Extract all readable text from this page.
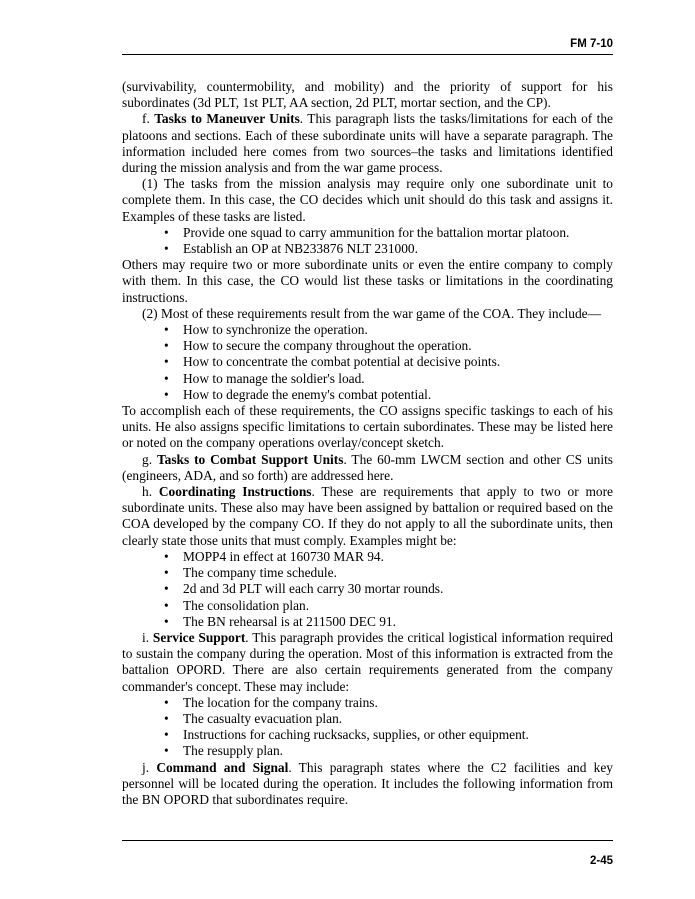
FM 7-10

(survivability, countermobility, and mobility) and the priority of support for his subordinates (3d PLT, 1st PLT, AA section, 2d PLT, mortar section, and the CP).

f. Tasks to Maneuver Units. This paragraph lists the tasks/limitations for each of the platoons and sections. Each of these subordinate units will have a separate paragraph. The information included here comes from two sources–the tasks and limitations identified during the mission analysis and from the war game process.

(1) The tasks from the mission analysis may require only one subordinate unit to complete them. In this case, the CO decides which unit should do this task and assigns it. Examples of these tasks are listed.

• Provide one squad to carry ammunition for the battalion mortar platoon.
• Establish an OP at NB233876 NLT 231000.

Others may require two or more subordinate units or even the entire company to comply with them. In this case, the CO would list these tasks or limitations in the coordinating instructions.

(2) Most of these requirements result from the war game of the COA. They include—

• How to synchronize the operation.
• How to secure the company throughout the operation.
• How to concentrate the combat potential at decisive points.
• How to manage the soldier's load.
• How to degrade the enemy's combat potential.

To accomplish each of these requirements, the CO assigns specific taskings to each of his units. He also assigns specific limitations to certain subordinates. These may be listed here or noted on the company operations overlay/concept sketch.

g. Tasks to Combat Support Units. The 60-mm LWCM section and other CS units (engineers, ADA, and so forth) are addressed here.

h. Coordinating Instructions. These are requirements that apply to two or more subordinate units. These also may have been assigned by battalion or required based on the COA developed by the company CO. If they do not apply to all the subordinate units, then clearly state those units that must comply. Examples might be:

• MOPP4 in effect at 160730 MAR 94.
• The company time schedule.
• 2d and 3d PLT will each carry 30 mortar rounds.
• The consolidation plan.
• The BN rehearsal is at 211500 DEC 91.

i. Service Support. This paragraph provides the critical logistical information required to sustain the company during the operation. Most of this information is extracted from the battalion OPORD. There are also certain requirements generated from the company commander's concept. These may include:

• The location for the company trains.
• The casualty evacuation plan.
• Instructions for caching rucksacks, supplies, or other equipment.
• The resupply plan.

j. Command and Signal. This paragraph states where the C2 facilities and key personnel will be located during the operation. It includes the following information from the BN OPORD that subordinates require.

2-45
